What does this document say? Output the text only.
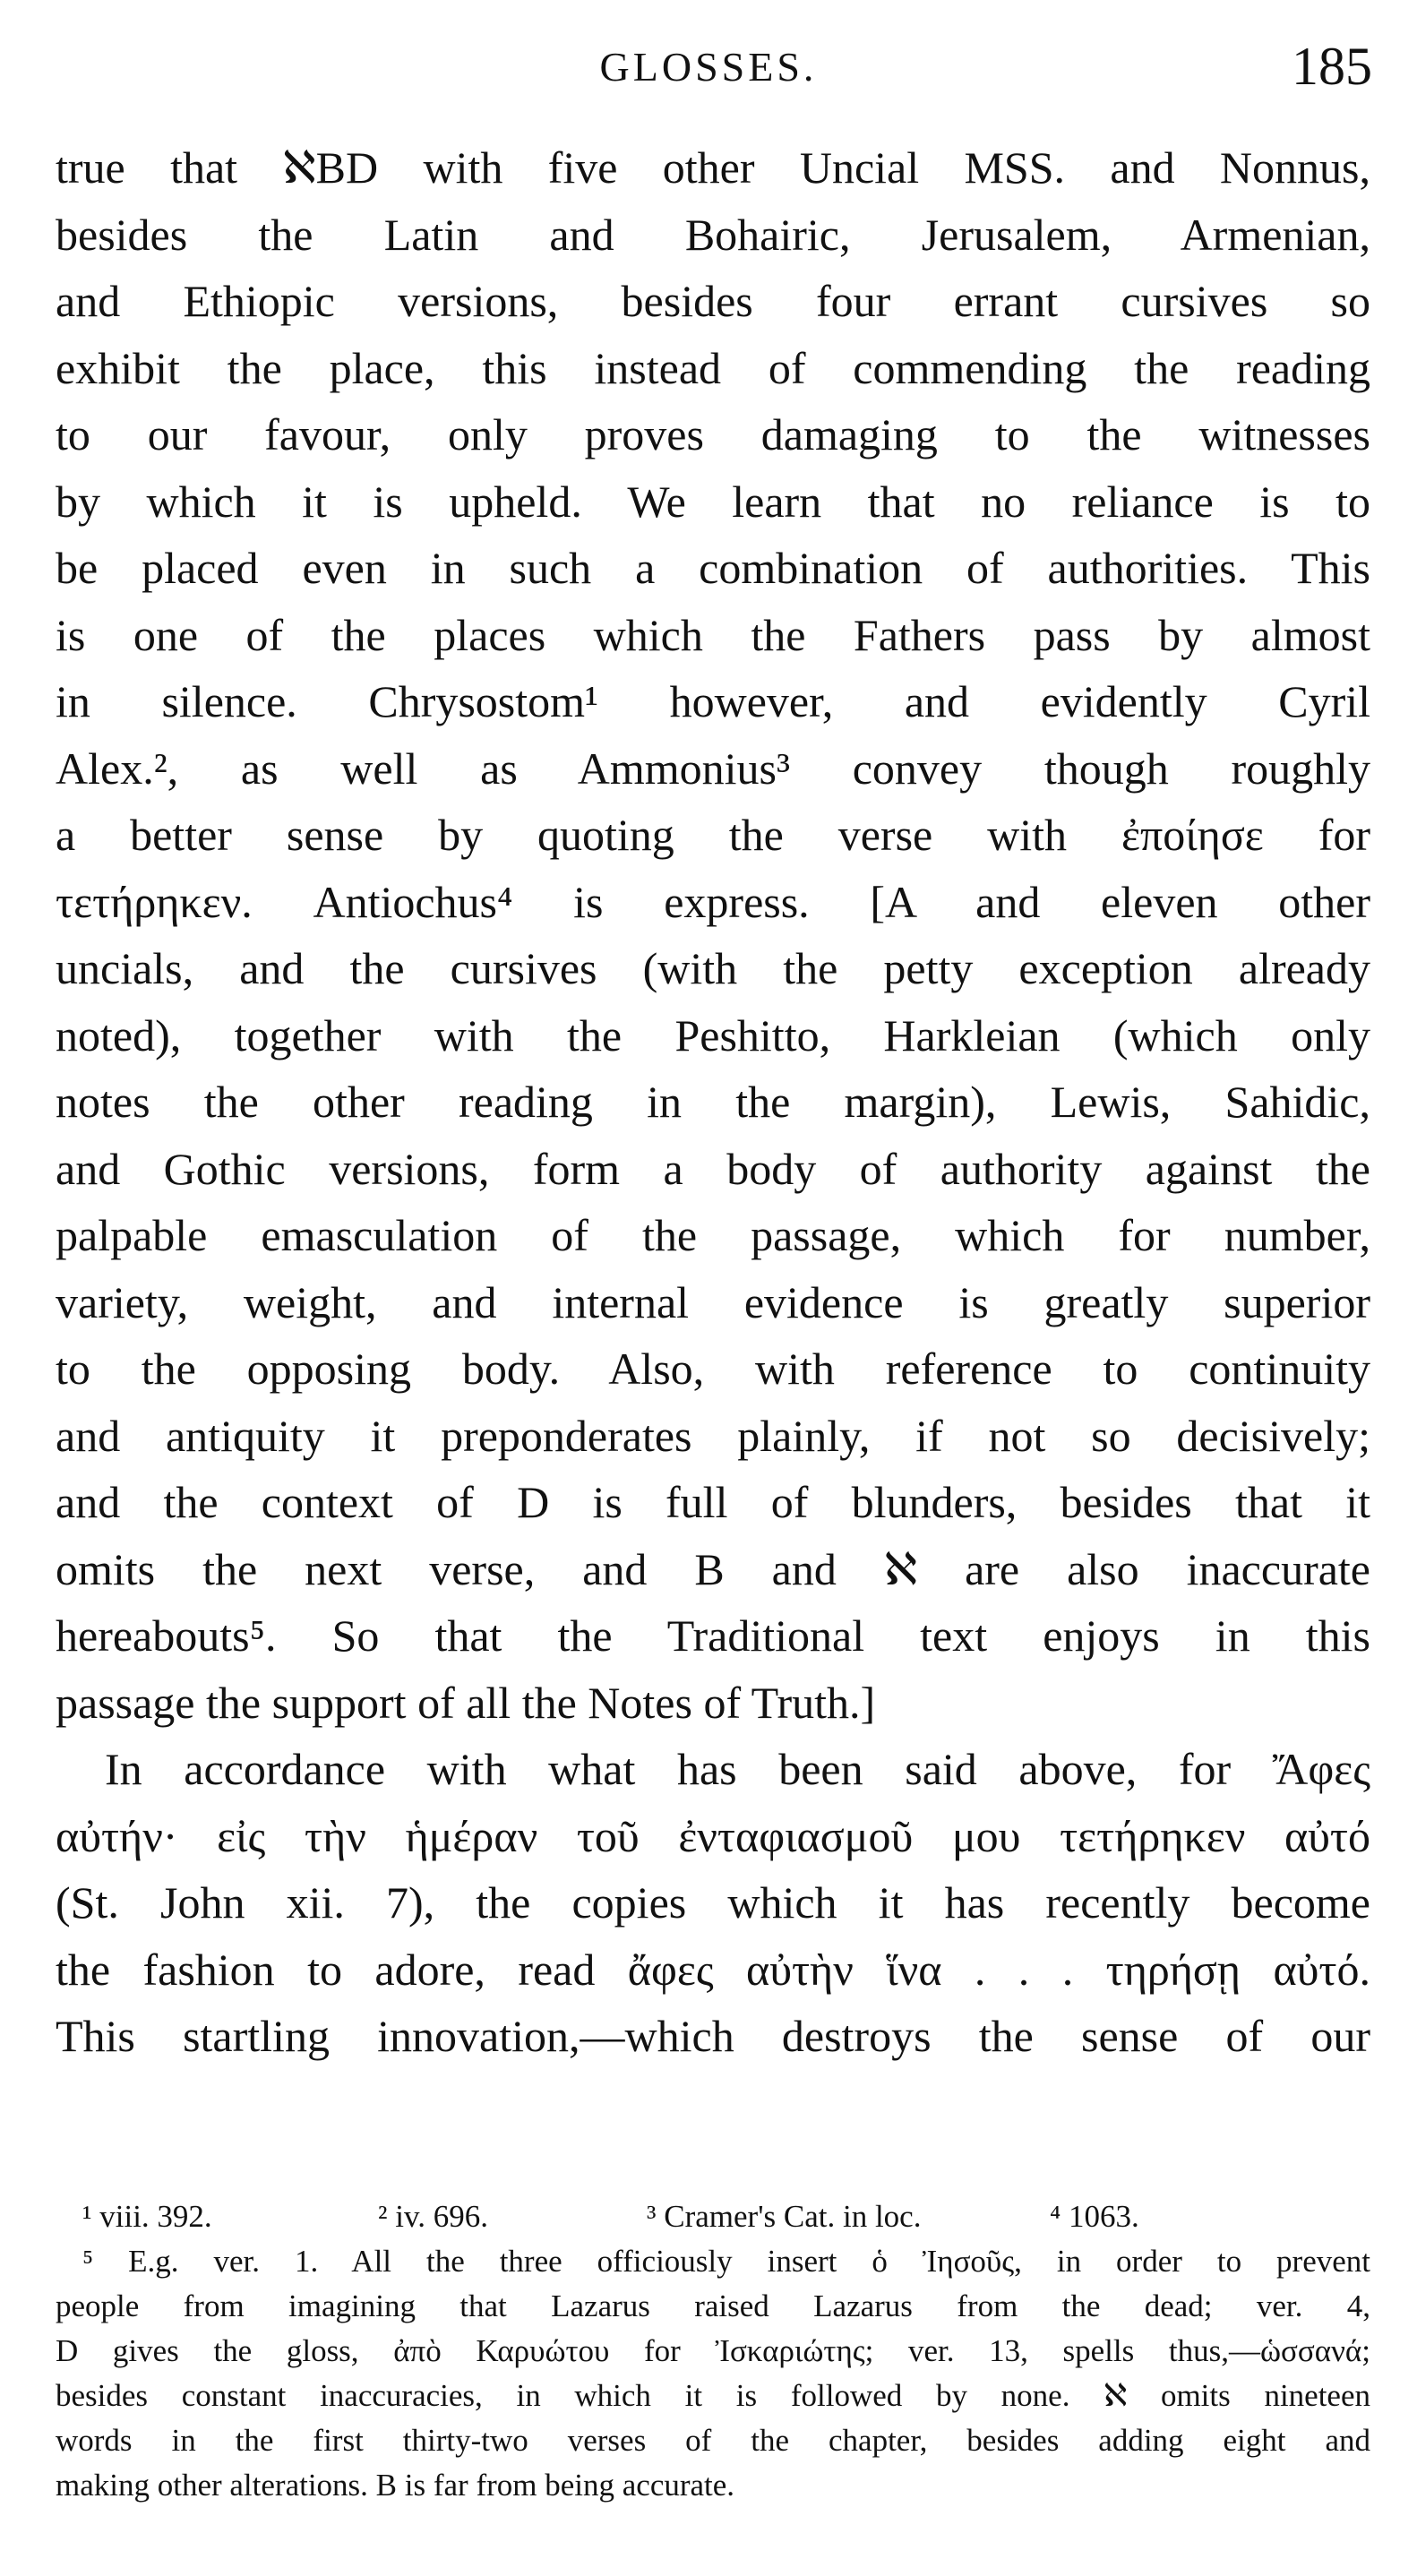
GLOSSES.	185
true that ℵBD with five other Uncial MSS. and Nonnus,
besides the Latin and Bohairic, Jerusalem, Armenian,
and Ethiopic versions, besides four errant cursives so
exhibit the place, this instead of commending the reading
to our favour, only proves damaging to the witnesses
by which it is upheld. We learn that no reliance is to
be placed even in such a combination of authorities. This
is one of the places which the Fathers pass by almost
in silence. Chrysostom¹ however, and evidently Cyril
Alex.², as well as Ammonius³ convey though roughly
a better sense by quoting the verse with ἐποίησε for
τετήρηκεν. Antiochus⁴ is express. [A and eleven other
uncials, and the cursives (with the petty exception already
noted), together with the Peshitto, Harkleian (which only
notes the other reading in the margin), Lewis, Sahidic,
and Gothic versions, form a body of authority against the
palpable emasculation of the passage, which for number,
variety, weight, and internal evidence is greatly superior
to the opposing body. Also, with reference to continuity
and antiquity it preponderates plainly, if not so decisively;
and the context of D is full of blunders, besides that it
omits the next verse, and B and ℵ are also inaccurate
hereabouts⁵. So that the Traditional text enjoys in this
passage the support of all the Notes of Truth.]
In accordance with what has been said above, for Ἄφες
αὐτήν· εἰς τὴν ἡμέραν τοῦ ἐνταφιασμοῦ μου τετήρηκεν αὐτό
(St. John xii. 7), the copies which it has recently become
the fashion to adore, read ἄφες αὐτὴν ἵνα . . . τηρήσῃ αὐτό.
This startling innovation,—which destroys the sense of our
¹ viii. 392.	² iv. 696.	³ Cramer's Cat. in loc.	⁴ 1063.
⁵ E.g. ver. 1. All the three officiously insert ὁ Ἰησοῦς, in order to prevent
people from imagining that Lazarus raised Lazarus from the dead; ver. 4,
D gives the gloss, ἀπὸ Καρυώτου for Ἰσκαριώτης; ver. 13, spells thus,—ὡσσανά;
besides constant inaccuracies, in which it is followed by none. ℵ omits nineteen
words in the first thirty-two verses of the chapter, besides adding eight and
making other alterations. B is far from being accurate.
